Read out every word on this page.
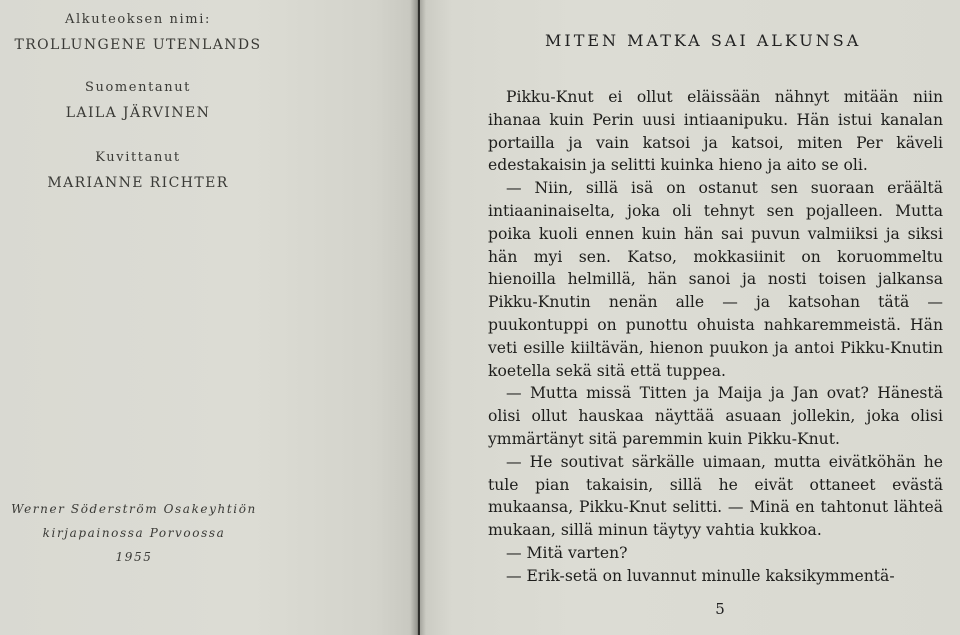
Alkuteoksen nimi:
TROLLUNGENE UTENLANDS
Suomentanut
LAILA JÄRVINEN
Kuvittanut
MARIANNE RICHTER
Werner Söderström Osakeyhtiön
kirjapainossa Porvoossa
1955
MITEN MATKA SAI ALKUNSA

Pikku-Knut ei ollut eläissään nähnyt mitään niin ihanaa kuin Perin uusi intiaanipuku. Hän istui kanalan portailla ja vain katsoi ja katsoi, miten Per käveli edestakaisin ja selitti kuinka hieno ja aito se oli.

— Niin, sillä isä on ostanut sen suoraan eräältä intiaaninaiselta, joka oli tehnyt sen pojalleen. Mutta poika kuoli ennen kuin hän sai puvun valmiiksi ja siksi hän myi sen. Katso, mokkasiinit on koruommeltu hienoilla helmillä, hän sanoi ja nosti toisen jalkansa Pikku-Knutin nenän alle — ja katsohan tätä — puukontuppi on punottu ohuista nahkaremmeistä. Hän veti esille kiiltävän, hienon puukon ja antoi Pikku-Knutin koetella sekä sitä että tuppea.

— Mutta missä Titten ja Maija ja Jan ovat? Hänestä olisi ollut hauskaa näyttää asuaan jollekin, joka olisi ymmärtänyt sitä paremmin kuin Pikku-Knut.

— He soutivat särkälle uimaan, mutta eivätköhän he tule pian takaisin, sillä he eivät ottaneet evästä mukaansa, Pikku-Knut selitti. — Minä en tahtonut lähteä mukaan, sillä minun täytyy vahtia kukkoa.

— Mitä varten?

— Erik-setä on luvannut minulle kaksikymmentä-

5
